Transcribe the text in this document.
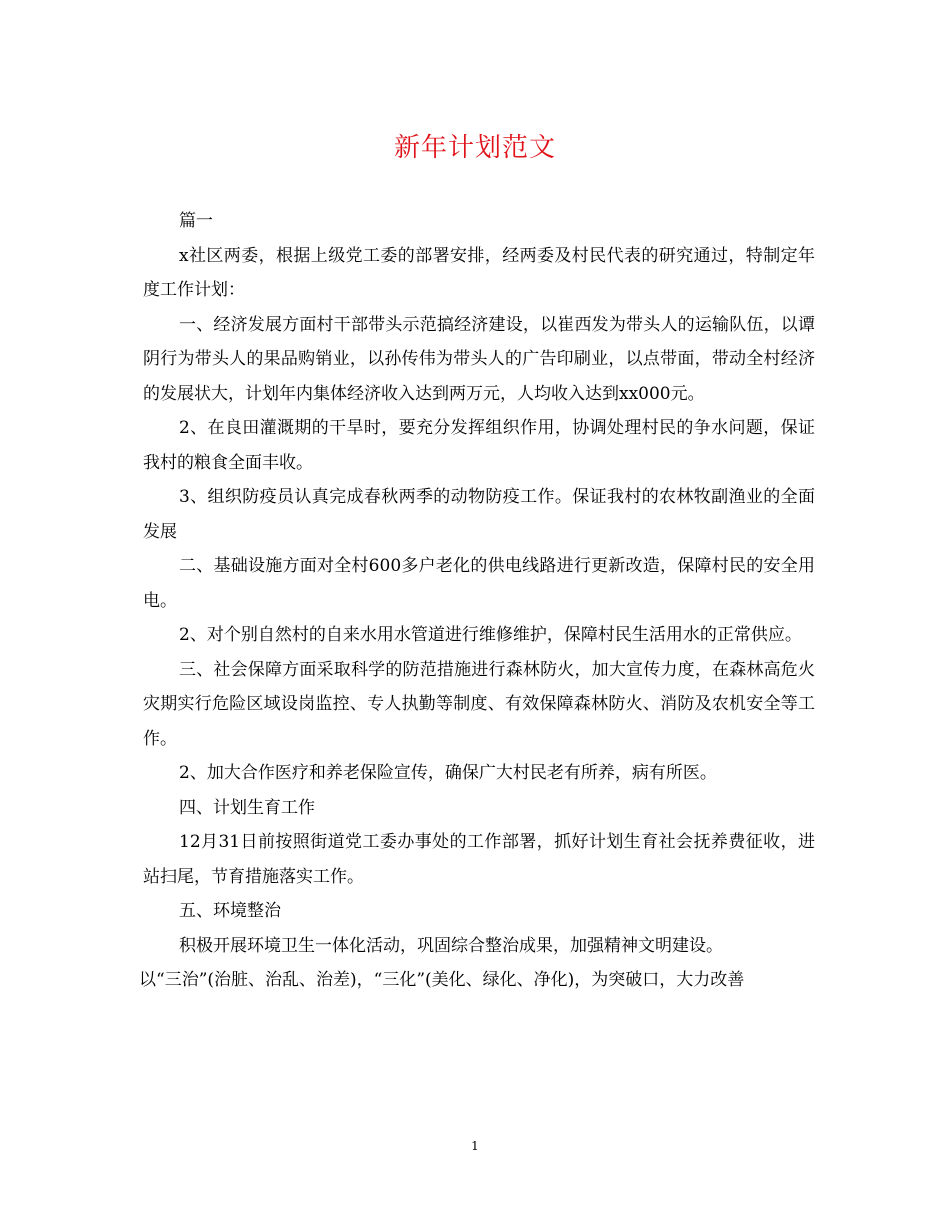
新年计划范文

篇一

x社区两委，根据上级党工委的部署安排，经两委及村民代表的研究通过，特制定年度工作计划：

一、经济发展方面村干部带头示范搞经济建设，以崔西发为带头人的运输队伍，以谭阴行为带头人的果品购销业，以孙传伟为带头人的广告印刷业，以点带面，带动全村经济的发展状大，计划年内集体经济收入达到两万元，人均收入达到xx000元。

2、在良田灌溉期的干旱时，要充分发挥组织作用，协调处理村民的争水问题，保证我村的粮食全面丰收。

3、组织防疫员认真完成春秋两季的动物防疫工作。保证我村的农林牧副渔业的全面发展

二、基础设施方面对全村600多户老化的供电线路进行更新改造，保障村民的安全用电。

2、对个别自然村的自来水用水管道进行维修维护，保障村民生活用水的正常供应。

三、社会保障方面采取科学的防范措施进行森林防火，加大宣传力度，在森林高危火灾期实行危险区域设岗监控、专人执勤等制度、有效保障森林防火、消防及农机安全等工作。

2、加大合作医疗和养老保险宣传，确保广大村民老有所养，病有所医。

四、计划生育工作

12月31日前按照街道党工委办事处的工作部署，抓好计划生育社会抚养费征收，进站扫尾，节育措施落实工作。

五、环境整治

积极开展环境卫生一体化活动，巩固综合整治成果，加强精神文明建设。

以“三治”(治脏、治乱、治差)，“三化”(美化、绿化、净化)，为突破口，大力改善

1
